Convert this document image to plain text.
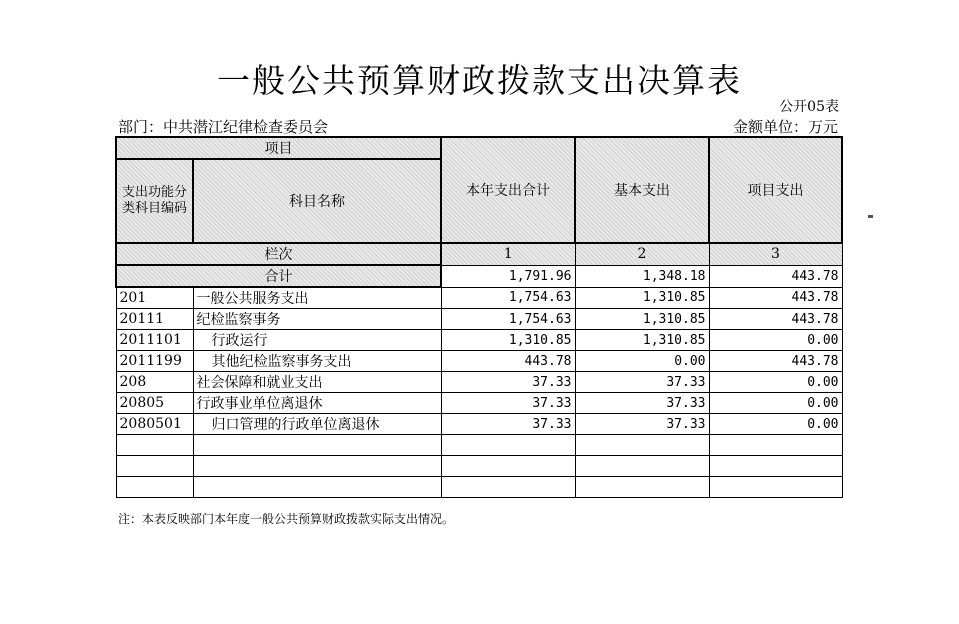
一般公共预算财政拨款支出决算表
公开05表
部门：中共潜江纪律检查委员会	金额单位：万元
项目		本年支出合计	基本支出	项目支出
支出功能分类科目编码	科目名称			
栏次		1	2	3
合计		1,791.96	1,348.18	443.78
201	一般公共服务支出	1,754.63	1,310.85	443.78
20111	纪检监察事务	1,754.63	1,310.85	443.78
2011101	行政运行	1,310.85	1,310.85	0.00
2011199	其他纪检监察事务支出	443.78	0.00	443.78
208	社会保障和就业支出	37.33	37.33	0.00
20805	行政事业单位离退休	37.33	37.33	0.00
2080501	归口管理的行政单位离退休	37.33	37.33	0.00

注：本表反映部门本年度一般公共预算财政拨款实际支出情况。
